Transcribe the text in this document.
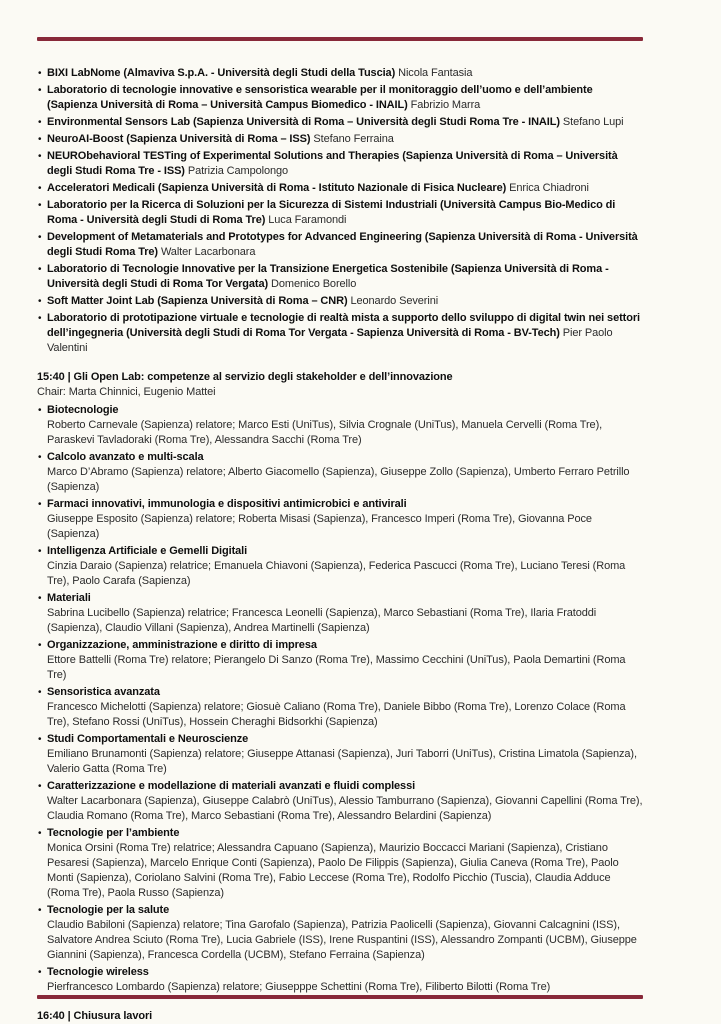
• BIXI LabNome (Almaviva S.p.A. - Università degli Studi della Tuscia) Nicola Fantasia
• Laboratorio di tecnologie innovative e sensoristica wearable per il monitoraggio dell’uomo e dell’ambiente (Sapienza Università di Roma – Università Campus Biomedico - INAIL) Fabrizio Marra
• Environmental Sensors Lab (Sapienza Università di Roma – Università degli Studi Roma Tre - INAIL) Stefano Lupi
• NeuroAI-Boost (Sapienza Università di Roma – ISS) Stefano Ferraina
• NEURObehavioral TESTing of Experimental Solutions and Therapies (Sapienza Università di Roma – Università degli Studi Roma Tre - ISS) Patrizia Campolongo
• Acceleratori Medicali (Sapienza Università di Roma - Istituto Nazionale di Fisica Nucleare) Enrica Chiadroni
• Laboratorio per la Ricerca di Soluzioni per la Sicurezza di Sistemi Industriali (Università Campus Bio-Medico di Roma - Università degli Studi di Roma Tre) Luca Faramondi
• Development of Metamaterials and Prototypes for Advanced Engineering (Sapienza Università di Roma - Università degli Studi Roma Tre) Walter Lacarbonara
• Laboratorio di Tecnologie Innovative per la Transizione Energetica Sostenibile (Sapienza Università di Roma - Università degli Studi di Roma Tor Vergata) Domenico Borello
• Soft Matter Joint Lab (Sapienza Università di Roma – CNR) Leonardo Severini
• Laboratorio di prototipazione virtuale e tecnologie di realtà mista a supporto dello sviluppo di digital twin nei settori dell’ingegneria (Università degli Studi di Roma Tor Vergata - Sapienza Università di Roma - BV-Tech) Pier Paolo Valentini
15:40 | Gli Open Lab: competenze al servizio degli stakeholder e dell’innovazione
Chair: Marta Chinnici, Eugenio Mattei
• Biotecnologie
Roberto Carnevale (Sapienza) relatore; Marco Esti (UniTus), Silvia Crognale (UniTus), Manuela Cervelli (Roma Tre), Paraskevi Tavladoraki (Roma Tre), Alessandra Sacchi (Roma Tre)
• Calcolo avanzato e multi-scala
Marco D’Abramo (Sapienza) relatore; Alberto Giacomello (Sapienza), Giuseppe Zollo (Sapienza), Umberto Ferraro Petrillo (Sapienza)
• Farmaci innovativi, immunologia e dispositivi antimicrobici e antivirali
Giuseppe Esposito (Sapienza) relatore; Roberta Misasi (Sapienza), Francesco Imperi (Roma Tre), Giovanna Poce (Sapienza)
• Intelligenza Artificiale e Gemelli Digitali
Cinzia Daraio (Sapienza) relatrice; Emanuela Chiavoni (Sapienza), Federica Pascucci (Roma Tre), Luciano Teresi (Roma Tre), Paolo Carafa (Sapienza)
• Materiali
Sabrina Lucibello (Sapienza) relatrice; Francesca Leonelli (Sapienza), Marco Sebastiani (Roma Tre), Ilaria Fratoddi (Sapienza), Claudio Villani (Sapienza), Andrea Martinelli (Sapienza)
• Organizzazione, amministrazione e diritto di impresa
Ettore Battelli (Roma Tre) relatore; Pierangelo Di Sanzo (Roma Tre), Massimo Cecchini (UniTus), Paola Demartini (Roma Tre)
• Sensoristica avanzata
Francesco Michelotti (Sapienza) relatore; Giosuè Caliano (Roma Tre), Daniele Bibbo (Roma Tre), Lorenzo Colace (Roma Tre), Stefano Rossi (UniTus), Hossein Cheraghi Bidsorkhi (Sapienza)
• Studi Comportamentali e Neuroscienze
Emiliano Brunamonti (Sapienza) relatore; Giuseppe Attanasi (Sapienza), Juri Taborri (UniTus), Cristina Limatola (Sapienza), Valerio Gatta (Roma Tre)
• Caratterizzazione e modellazione di materiali avanzati e fluidi complessi
Walter Lacarbonara (Sapienza), Giuseppe Calabrò (UniTus), Alessio Tamburrano (Sapienza), Giovanni Capellini (Roma Tre), Claudia Romano (Roma Tre), Marco Sebastiani (Roma Tre), Alessandro Belardini (Sapienza)
• Tecnologie per l’ambiente
Monica Orsini (Roma Tre) relatrice; Alessandra Capuano (Sapienza), Maurizio Boccacci Mariani (Sapienza), Cristiano Pesaresi (Sapienza), Marcelo Enrique Conti (Sapienza), Paolo De Filippis (Sapienza), Giulia Caneva (Roma Tre), Paolo Monti (Sapienza), Coriolano Salvini (Roma Tre), Fabio Leccese (Roma Tre), Rodolfo Picchio (Tuscia), Claudia Adduce (Roma Tre), Paola Russo (Sapienza)
• Tecnologie per la salute
Claudio Babiloni (Sapienza) relatore; Tina Garofalo (Sapienza), Patrizia Paolicelli (Sapienza), Giovanni Calcagnini (ISS), Salvatore Andrea Sciuto (Roma Tre), Lucia Gabriele (ISS), Irene Ruspantini (ISS), Alessandro Zompanti (UCBM), Giuseppe Giannini (Sapienza), Francesca Cordella (UCBM), Stefano Ferraina (Sapienza)
• Tecnologie wireless
Pierfrancesco Lombardo (Sapienza) relatore; Giusepppe Schettini (Roma Tre), Filiberto Bilotti (Roma Tre)
16:40 | Chiusura lavori
